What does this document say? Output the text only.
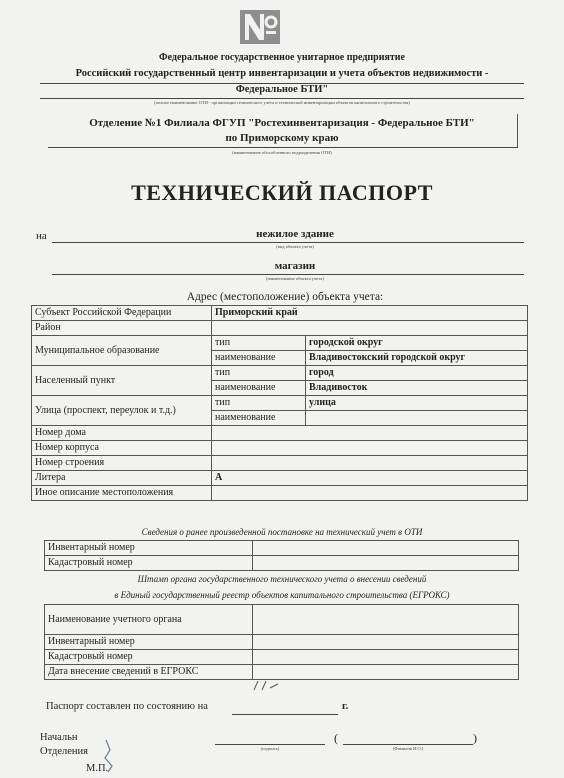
Федеральное государственное унитарное предприятие
Российский государственный центр инвентаризации и учета объектов недвижимости -
Федеральное БТИ"
(полное наименование ОТИ - организации технического учета и технической инвентаризации объектов капитального строительства)
Отделение №1 Филиала ФГУП "Ростехинвентаризация - Федеральное БТИ"
по Приморскому краю
(наименование обособленного подразделения ОТИ)
ТЕХНИЧЕСКИЙ ПАСПОРТ
на	нежилое здание
(вид объекта учета)
магазин
(наименование объекта учета)
Адрес (местоположение) объекта учета:
Субъект Российской Федерации	Приморский край	
Район		
Муниципальное образование	тип	городской округ
	наименование	Владивостокский городской округ
Населенный пункт	тип	город
	наименование	Владивосток
Улица (проспект, переулок и т.д.)	тип	улица
	наименование	
Номер дома		
Номер корпуса		
Номер строения		
Литера	А	
Иное описание местоположения		
Сведения о ранее произведенной постановке на технический учет в ОТИ
Инвентарный номер	
Кадастровый номер	
Штамп органа государственного технического учета о внесении сведений
в Единый государственный реестр объектов капитального строительства (ЕГРОКС)
Наименование учетного органа	
Инвентарный номер	
Кадастровый номер	
Дата внесение сведений в ЕГРОКС	
Паспорт составлен по состоянию на	г.
Начальн
Отделения
М.П.
(подпись)
(	)
(Фамилия И.О.)
